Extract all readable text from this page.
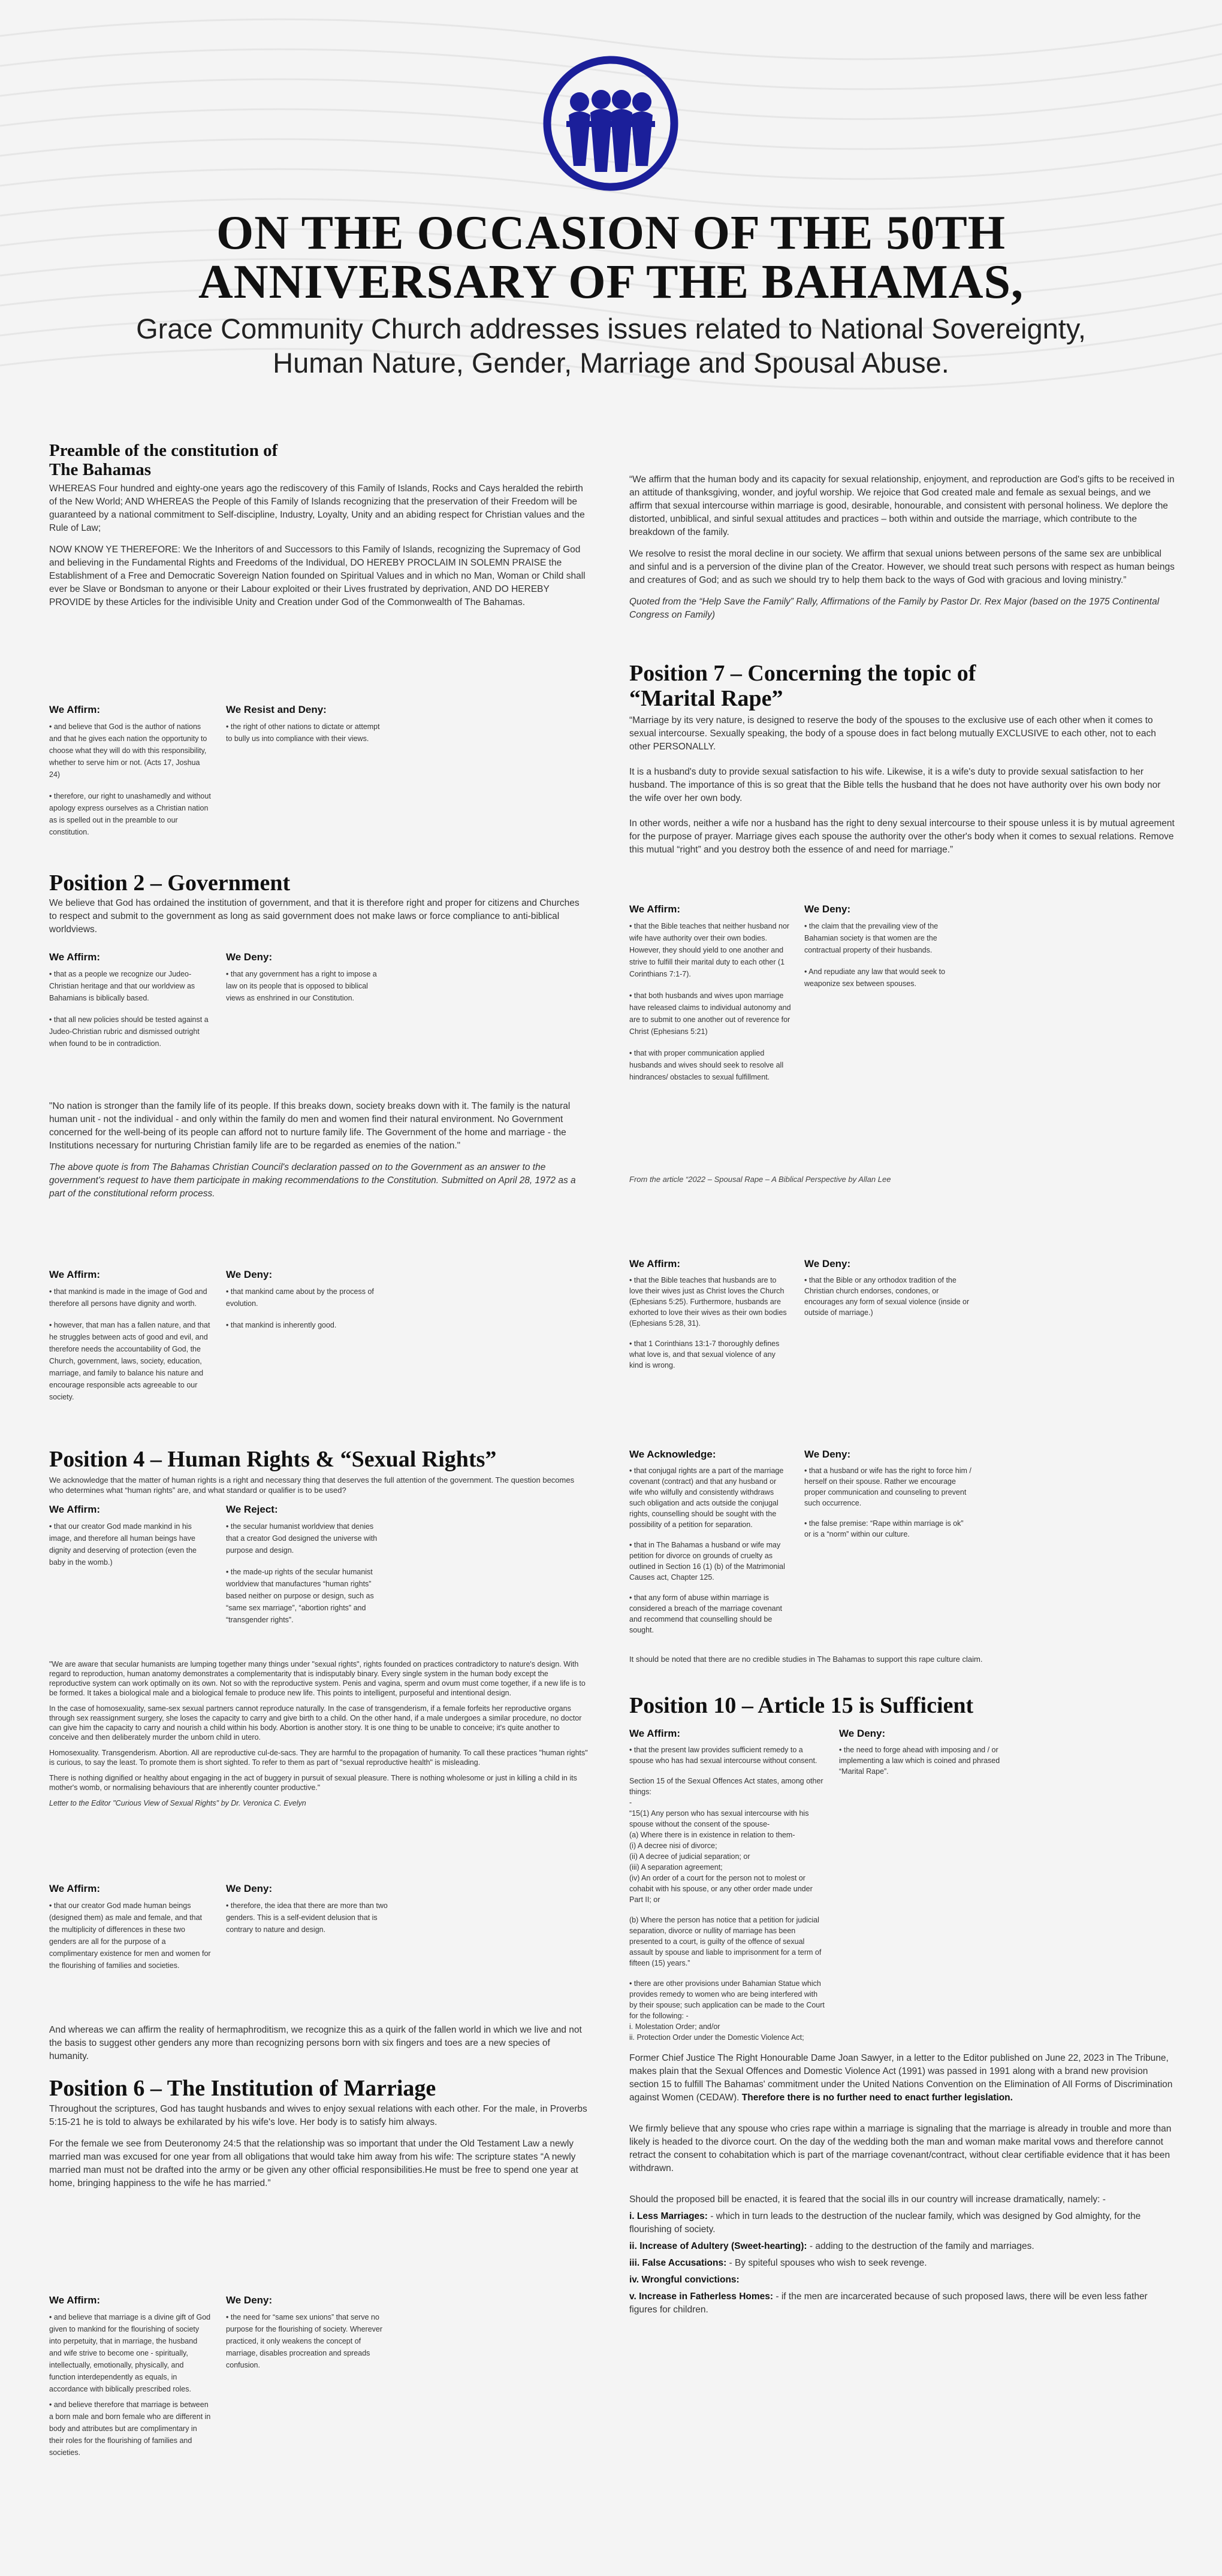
ON THE OCCASION OF THE 50TH
ANNIVERSARY OF THE BAHAMAS,
Grace Community Church addresses issues related to National Sovereignty,
Human Nature, Gender, Marriage and Spousal Abuse.
Preamble of the constitution of
The Bahamas

WHEREAS Four hundred and eighty-one years ago the rediscovery of this Family of Islands, Rocks and Cays heralded the rebirth of the New World; AND WHEREAS the People of this Family of Islands recognizing that the preservation of their Freedom will be guaranteed by a national commitment to Self-discipline, Industry, Loyalty, Unity and an abiding respect for Christian values and the Rule of Law;

NOW KNOW YE THEREFORE: We the Inheritors of and Successors to this Family of Islands, recognizing the Supremacy of God and believing in the Fundamental Rights and Freedoms of the Individual, DO HEREBY PROCLAIM IN SOLEMN PRAISE the Establishment of a Free and Democratic Sovereign Nation founded on Spiritual Values and in which no Man, Woman or Child shall ever be Slave or Bondsman to anyone or their Labour exploited or their Lives frustrated by deprivation, AND DO HEREBY PROVIDE by these Articles for the indivisible Unity and Creation under God of the Commonwealth of The Bahamas.

We Affirm:

• and believe that God is the author of nations and that he gives each nation the opportunity to choose what they will do with this responsibility, whether to serve him or not. (Acts 17, Joshua 24)

• therefore, our right to unashamedly and without apology express ourselves as a Christian nation as is spelled out in the preamble to our constitution.

We Resist and Deny:

• the right of other nations to dictate or attempt to bully us into compliance with their views.

Position 2 – Government
We believe that God has ordained the institution of government, and that it is therefore right and proper for citizens and Churches to respect and submit to the government as long as said government does not make laws or force compliance to anti-biblical worldviews.
We Affirm:

• that as a people we recognize our Judeo-Christian heritage and that our worldview as Bahamians is biblically based.

• that all new policies should be tested against a Judeo-Christian rubric and dismissed outright when found to be in contradiction.

We Deny:

• that any government has a right to impose a law on its people that is opposed to biblical views as enshrined in our Constitution.

"No nation is stronger than the family life of its people. If this breaks down, society breaks down with it. The family is the natural human unit - not the individual - and only within the family do men and women find their natural environment. No Government concerned for the well-being of its people can afford not to nurture family life. The Government of the home and marriage - the Institutions necessary for nurturing Christian family life are to be regarded as enemies of the nation."

The above quote is from The Bahamas Christian Council's declaration passed on to the Government as an answer to the government's request to have them participate in making recommendations to the Constitution. Submitted on April 28, 1972 as a part of the constitutional reform process.

We Affirm:

• that mankind is made in the image of God and therefore all persons have dignity and worth.

• however, that man has a fallen nature, and that he struggles between acts of good and evil, and therefore needs the accountability of God, the Church, government, laws, society, education, marriage, and family to balance his nature and encourage responsible acts agreeable to our society.

We Deny:

• that mankind came about by the process of evolution.

• that mankind is inherently good.

Position 4 – Human Rights & “Sexual Rights”
We acknowledge that the matter of human rights is a right and necessary thing that deserves the full attention of the government. The question becomes who determines what “human rights” are, and what standard or qualifier is to be used?
We Affirm:

• that our creator God made mankind in his image, and therefore all human beings have dignity and deserving of protection (even the baby in the womb.)

We Reject:

• the secular humanist worldview that denies that a creator God designed the universe with purpose and design.

• the made-up rights of the secular humanist worldview that manufactures “human rights” based neither on purpose or design, such as “same sex marriage”, “abortion rights” and “transgender rights”.

"We are aware that secular humanists are lumping together many things under "sexual rights", rights founded on practices contradictory to nature's design. With regard to reproduction, human anatomy demonstrates a complementarity that is indisputably binary. Every single system in the human body except the reproductive system can work optimally on its own. Not so with the reproductive system. Penis and vagina, sperm and ovum must come together, if a new life is to be formed. It takes a biological male and a biological female to produce new life. This points to intelligent, purposeful and intentional design.

In the case of homosexuality, same-sex sexual partners cannot reproduce naturally. In the case of transgenderism, if a female forfeits her reproductive organs through sex reassignment surgery, she loses the capacity to carry and give birth to a child. On the other hand, if a male undergoes a similar procedure, no doctor can give him the capacity to carry and nourish a child within his body. Abortion is another story. It is one thing to be unable to conceive; it's quite another to conceive and then deliberately murder the unborn child in utero.

Homosexuality. Transgenderism. Abortion. All are reproductive cul-de-sacs. They are harmful to the propagation of humanity. To call these practices "human rights" is curious, to say the least. To promote them is short sighted. To refer to them as part of "sexual reproductive health" is misleading.

There is nothing dignified or healthy about engaging in the act of buggery in pursuit of sexual pleasure. There is nothing wholesome or just in killing a child in its mother's womb, or normalising behaviours that are inherently counter productive."

Letter to the Editor "Curious View of Sexual Rights" by Dr. Veronica C. Evelyn

We Affirm:

• that our creator God made human beings (designed them) as male and female, and that the multiplicity of differences in these two genders are all for the purpose of a complimentary existence for men and women for the flourishing of families and societies.

We Deny:

• therefore, the idea that there are more than two genders. This is a self-evident delusion that is contrary to nature and design.

And whereas we can affirm the reality of hermaphroditism, we recognize this as a quirk of the fallen world in which we live and not the basis to suggest other genders any more than recognizing persons born with six fingers and toes are a new species of humanity.
Position 6 – The Institution of Marriage

Throughout the scriptures, God has taught husbands and wives to enjoy sexual relations with each other. For the male, in Proverbs 5:15-21 he is told to always be exhilarated by his wife's love. Her body is to satisfy him always.

For the female we see from Deuteronomy 24:5 that the relationship was so important that under the Old Testament Law a newly married man was excused for one year from all obligations that would take him away from his wife: The scripture states “A newly married man must not be drafted into the army or be given any other official responsibilities.He must be free to spend one year at home, bringing happiness to the wife he has married.”

We Affirm:

• and believe that marriage is a divine gift of God given to mankind for the flourishing of society into perpetuity, that in marriage, the husband and wife strive to become one - spiritually, intellectually, emotionally, physically, and function interdependently as equals, in accordance with biblically prescribed roles.

• and believe therefore that marriage is between a born male and born female who are different in body and attributes but are complimentary in their roles for the flourishing of families and societies.

We Deny:

• the need for “same sex unions” that serve no purpose for the flourishing of society. Wherever practiced, it only weakens the concept of marriage, disables procreation and spreads confusion.

“We affirm that the human body and its capacity for sexual relationship, enjoyment, and reproduction are God's gifts to be received in an attitude of thanksgiving, wonder, and joyful worship. We rejoice that God created male and female as sexual beings, and we affirm that sexual intercourse within marriage is good, desirable, honourable, and consistent with personal holiness. We deplore the distorted, unbiblical, and sinful sexual attitudes and practices – both within and outside the marriage, which contribute to the breakdown of the family.

We resolve to resist the moral decline in our society. We affirm that sexual unions between persons of the same sex are unbiblical and sinful and is a perversion of the divine plan of the Creator. However, we should treat such persons with respect as human beings and creatures of God; and as such we should try to help them back to the ways of God with gracious and loving ministry.”

Quoted from the “Help Save the Family” Rally, Affirmations of the Family by Pastor Dr. Rex Major (based on the 1975 Continental Congress on Family)

Position 7 – Concerning the topic of
“Marital Rape”

“Marriage by its very nature, is designed to reserve the body of the spouses to the exclusive use of each other when it comes to sexual intercourse. Sexually speaking, the body of a spouse does in fact belong mutually EXCLUSIVE to each other, not to each other PERSONALLY.

It is a husband's duty to provide sexual satisfaction to his wife. Likewise, it is a wife's duty to provide sexual satisfaction to her husband. The importance of this is so great that the Bible tells the husband that he does not have authority over his own body nor the wife over her own body.

In other words, neither a wife nor a husband has the right to deny sexual intercourse to their spouse unless it is by mutual agreement for the purpose of prayer. Marriage gives each spouse the authority over the other's body when it comes to sexual relations. Remove this mutual “right” and you destroy both the essence of and need for marriage.”

We Affirm:

• that the Bible teaches that neither husband nor wife have authority over their own bodies. However, they should yield to one another and strive to fulfill their marital duty to each other (1 Corinthians 7:1-7).

• that both husbands and wives upon marriage have released claims to individual autonomy and are to submit to one another out of reverence for Christ (Ephesians 5:21)

• that with proper communication applied husbands and wives should seek to resolve all hindrances/ obstacles to sexual fulfillment.

We Deny:

• the claim that the prevailing view of the Bahamian society is that women are the contractual property of their husbands.

• And repudiate any law that would seek to weaponize sex between spouses.

From the article “2022 – Spousal Rape – A Biblical Perspective by Allan Lee
We Affirm:

• that the Bible teaches that husbands are to love their wives just as Christ loves the Church (Ephesians 5:25). Furthermore, husbands are exhorted to love their wives as their own bodies (Ephesians 5:28, 31).

• that 1 Corinthians 13:1-7 thoroughly defines what love is, and that sexual violence of any kind is wrong.

We Deny:

• that the Bible or any orthodox tradition of the Christian church endorses, condones, or encourages any form of sexual violence (inside or outside of marriage.)

We Acknowledge:

• that conjugal rights are a part of the marriage covenant (contract) and that any husband or wife who wilfully and consistently withdraws such obligation and acts outside the conjugal rights, counselling should be sought with the possibility of a petition for separation.

• that in The Bahamas a husband or wife may petition for divorce on grounds of cruelty as outlined in Section 16 (1) (b) of the Matrimonial Causes act, Chapter 125.

• that any form of abuse within marriage is considered a breach of the marriage covenant and recommend that counselling should be sought.

We Deny:

• that a husband or wife has the right to force him / herself on their spouse. Rather we encourage proper communication and counseling to prevent such occurrence.

• the false premise: “Rape within marriage is ok” or is a “norm” within our culture.

It should be noted that there are no credible studies in The Bahamas to support this rape culture claim.
Position 10 – Article 15 is Sufficient
We Affirm:

• that the present law provides sufficient remedy to a spouse who has had sexual intercourse without consent.

Section 15 of the Sexual Offences Act states, among other things:

-
“15(1) Any person who has sexual intercourse with his spouse without the consent of the spouse-
(a) Where there is in existence in relation to them-
(i) A decree nisi of divorce;
(ii) A decree of judicial separation; or
(iii) A separation agreement;

(iv) An order of a court for the person not to molest or cohabit with his spouse, or any other order made under Part II; or

(b) Where the person has notice that a petition for judicial separation, divorce or nullity of marriage has been presented to a court, is guilty of the offence of sexual assault by spouse and liable to imprisonment for a term of fifteen (15) years.”

• there are other provisions under Bahamian Statue which provides remedy to women who are being interfered with by their spouse; such application can be made to the Court for the following: -

i. Molestation Order; and/or
ii. Protection Order under the Domestic Violence Act;
We Deny:

• the need to forge ahead with imposing and / or implementing a law which is coined and phrased “Marital Rape”.

Former Chief Justice The Right Honourable Dame Joan Sawyer, in a letter to the Editor published on June 22, 2023 in The Tribune, makes plain that the Sexual Offences and Domestic Violence Act (1991) was passed in 1991 along with a brand new provision section 15 to fulfill The Bahamas' commitment under the United Nations Convention on the Elimination of All Forms of Discrimination against Women (CEDAW). Therefore there is no further need to enact further legislation.

We firmly believe that any spouse who cries rape within a marriage is signaling that the marriage is already in trouble and more than likely is headed to the divorce court. On the day of the wedding both the man and woman make marital vows and therefore cannot retract the consent to cohabitation which is part of the marriage covenant/contract, without clear certifiable evidence that it has been withdrawn.

Should the proposed bill be enacted, it is feared that the social ills in our country will increase dramatically, namely: -

i. Less Marriages: - which in turn leads to the destruction of the nuclear family, which was designed by God almighty, for the flourishing of society.
ii. Increase of Adultery (Sweet-hearting): - adding to the destruction of the family and marriages.
iii. False Accusations: - By spiteful spouses who wish to seek revenge.
iv. Wrongful convictions:
v. Increase in Fatherless Homes: - if the men are incarcerated because of such proposed laws, there will be even less father figures for children.
